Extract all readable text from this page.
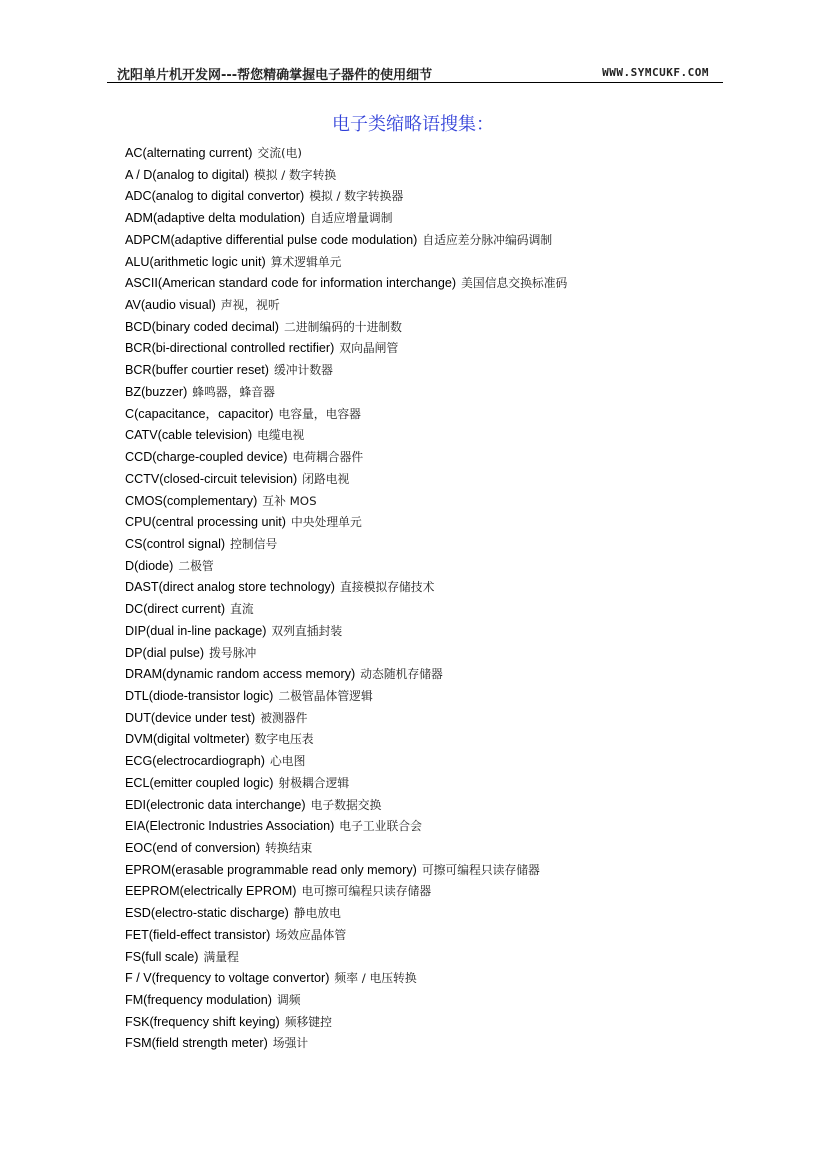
沈阳单片机开发网---帮您精确掌握电子器件的使用细节	WWW.SYMCUKF.COM
电子类缩略语搜集：
AC(alternating current) 交流(电)
A / D(analog to digital) 模拟 / 数字转换
ADC(analog to digital convertor) 模拟 / 数字转换器
ADM(adaptive delta modulation) 自适应增量调制
ADPCM(adaptive differential pulse code modulation) 自适应差分脉冲编码调制
ALU(arithmetic logic unit) 算术逻辑单元
ASCII(American standard code for information interchange) 美国信息交换标准码
AV(audio visual) 声视，视听
BCD(binary coded decimal) 二进制编码的十进制数
BCR(bi-directional controlled rectifier) 双向晶闸管
BCR(buffer courtier reset) 缓冲计数器
BZ(buzzer) 蜂鸣器，蜂音器
C(capacitance，capacitor) 电容量，电容器
CATV(cable television) 电缆电视
CCD(charge-coupled device) 电荷耦合器件
CCTV(closed-circuit television) 闭路电视
CMOS(complementary) 互补 MOS
CPU(central processing unit) 中央处理单元
CS(control signal) 控制信号
D(diode) 二极管
DAST(direct analog store technology) 直接模拟存储技术
DC(direct current) 直流
DIP(dual in-line package) 双列直插封装
DP(dial pulse) 拨号脉冲
DRAM(dynamic random access memory) 动态随机存储器
DTL(diode-transistor logic) 二极管晶体管逻辑
DUT(device under test) 被测器件
DVM(digital voltmeter) 数字电压表
ECG(electrocardiograph) 心电图
ECL(emitter coupled logic) 射极耦合逻辑
EDI(electronic data interchange) 电子数据交换
EIA(Electronic Industries Association) 电子工业联合会
EOC(end of conversion) 转换结束
EPROM(erasable programmable read only memory) 可擦可编程只读存储器
EEPROM(electrically EPROM) 电可擦可编程只读存储器
ESD(electro-static discharge) 静电放电
FET(field-effect transistor) 场效应晶体管
FS(full scale) 满量程
F / V(frequency to voltage convertor) 频率 / 电压转换
FM(frequency modulation) 调频
FSK(frequency shift keying) 频移键控
FSM(field strength meter) 场强计
